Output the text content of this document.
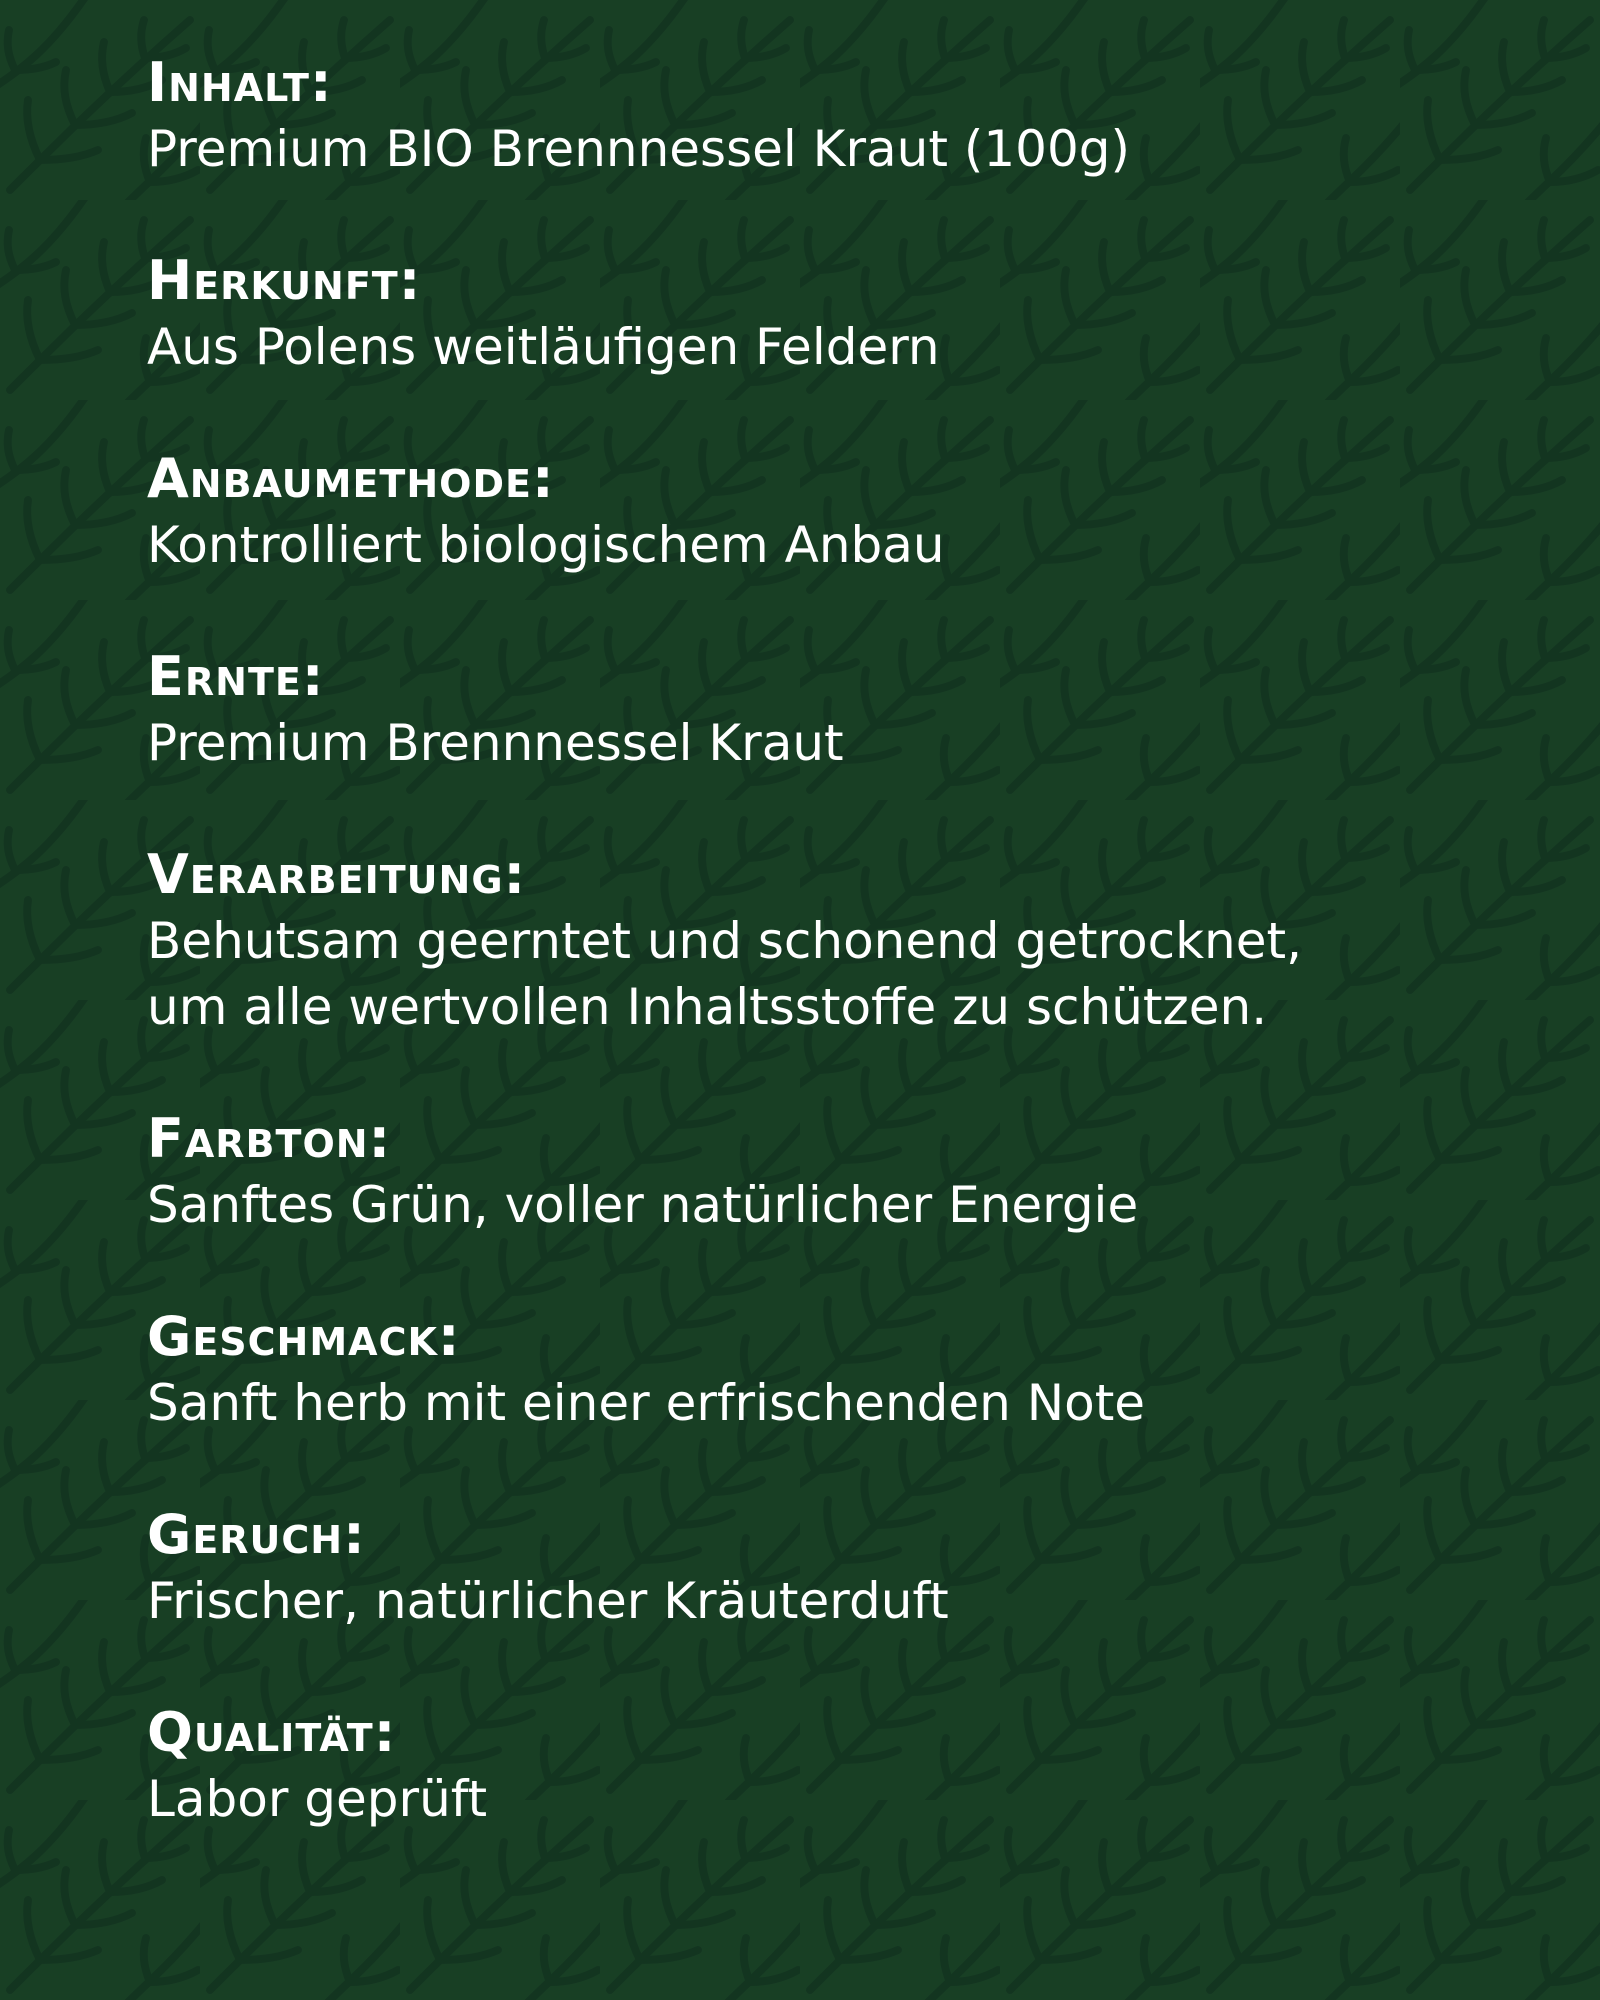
Inhalt:
Premium BIO Brennnessel Kraut (100g)
Herkunft:
Aus Polens weitläufigen Feldern
Anbaumethode:
Kontrolliert biologischem Anbau
Ernte:
Premium Brennnessel Kraut
Verarbeitung:
Behutsam geerntet und schonend getrocknet,
um alle wertvollen Inhaltsstoffe zu schützen.
Farbton:
Sanftes Grün, voller natürlicher Energie
Geschmack:
Sanft herb mit einer erfrischenden Note
Geruch:
Frischer, natürlicher Kräuterduft
Qualität:
Labor geprüft
